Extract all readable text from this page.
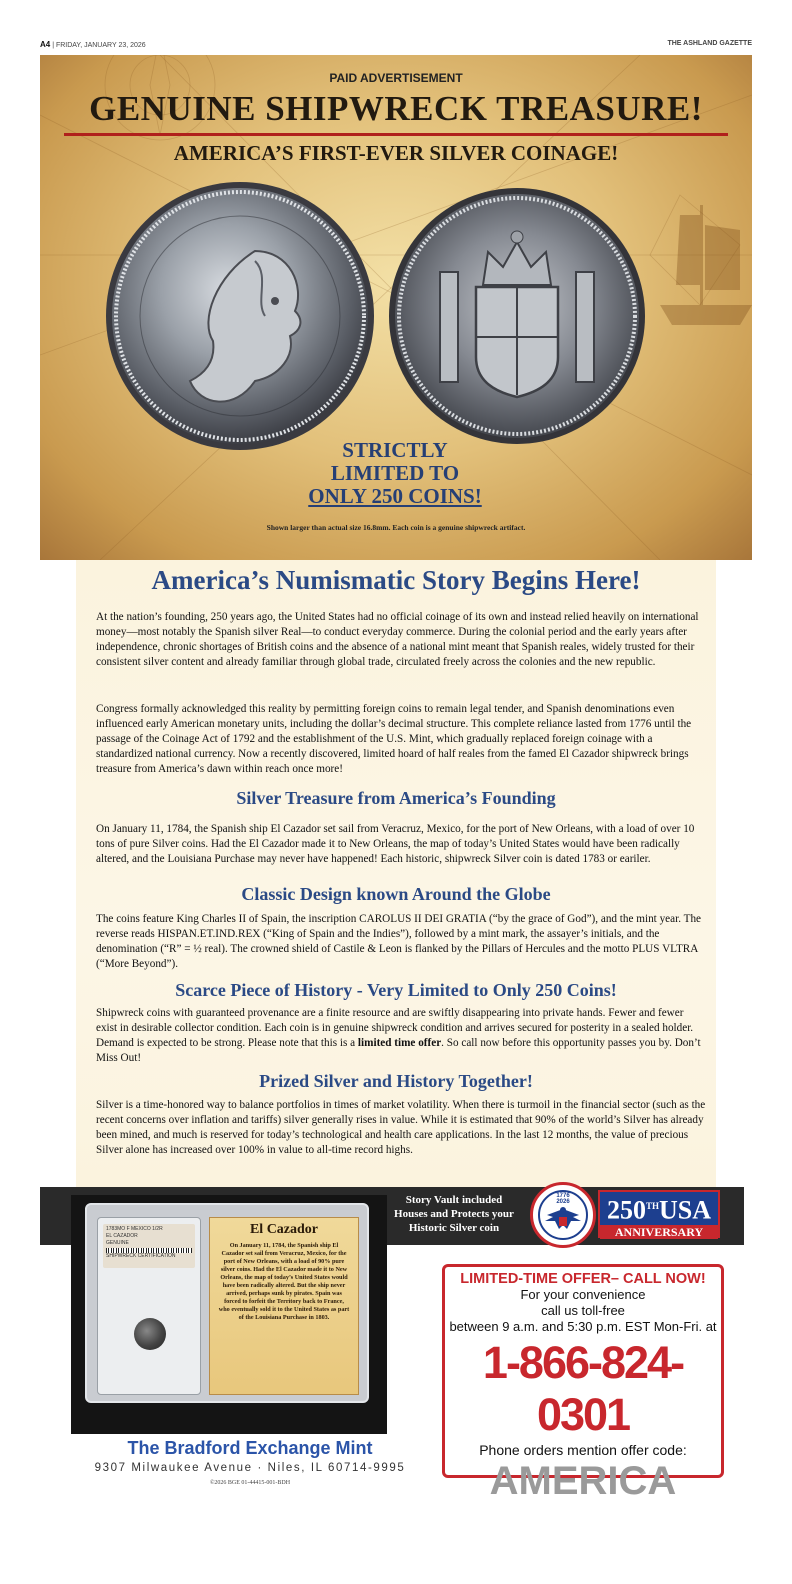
A4 | FRIDAY, JANUARY 23, 2026	THE ASHLAND GAZETTE
PAID ADVERTISEMENT
GENUINE SHIPWRECK TREASURE!
AMERICA’S FIRST-EVER SILVER COINAGE!
STRICTLY
LIMITED TO
ONLY 250 COINS!
Shown larger than actual size 16.8mm. Each coin is a genuine shipwreck artifact.
America’s Numismatic Story Begins Here!

At the nation’s founding, 250 years ago, the United States had no official coinage of its own and instead relied heavily on international money—most notably the Spanish silver Real—to conduct everyday commerce. During the colonial period and the early years after independence, chronic shortages of British coins and the absence of a national mint meant that Spanish reales, widely trusted for their consistent silver content and already familiar through global trade, circulated freely across the colonies and the new republic.

Congress formally acknowledged this reality by permitting foreign coins to remain legal tender, and Spanish denominations even influenced early American monetary units, including the dollar’s decimal structure. This complete reliance lasted from 1776 until the passage of the Coinage Act of 1792 and the establishment of the U.S. Mint, which gradually replaced foreign coinage with a standardized national currency. Now a recently discovered, limited hoard of half reales from the famed El Cazador shipwreck brings treasure from America’s dawn within reach once more!

Silver Treasure from America’s Founding

On January 11, 1784, the Spanish ship El Cazador set sail from Veracruz, Mexico, for the port of New Orleans, with a load of over 10 tons of pure Silver coins. Had the El Cazador made it to New Orleans, the map of today’s United States would have been radically altered, and the Louisiana Purchase may never have happened! Each historic, shipwreck Silver coin is dated 1783 or eariler.

Classic Design known Around the Globe

The coins feature King Charles II of Spain, the inscription CAROLUS II DEI GRATIA (“by the grace of God”), and the mint year. The reverse reads HISPAN.ET.IND.REX (“King of Spain and the Indies”), followed by a mint mark, the assayer’s initials, and the denomination (“R” = ½ real). The crowned shield of Castile & Leon is flanked by the Pillars of Hercules and the motto PLUS VLTRA (“More Beyond”).

Scarce Piece of History - Very Limited to Only 250 Coins!

Shipwreck coins with guaranteed provenance are a finite resource and are swiftly disappearing into private hands. Fewer and fewer exist in desirable collector condition. Each coin is in genuine shipwreck condition and arrives secured for posterity in a sealed holder. Demand is expected to be strong. Please note that this is a limited time offer. So call now before this opportunity passes you by. Don’t Miss Out!

Prized Silver and History Together!

Silver is a time-honored way to balance portfolios in times of market volatility. When there is turmoil in the financial sector (such as the recent concerns over inflation and tariffs) silver generally rises in value. While it is estimated that 90% of the world’s Silver has already been mined, and much is reserved for today’s technological and health care applications. In the last 12 months, the value of precious Silver alone has increased over 100% in value to all-time record highs.

1783MO F MEXICO 1/2R
EL CAZADOR
GENUINE
SHIPWRECK CERTIFICATION
El Cazador
On January 11, 1784, the Spanish ship El Cazador set sail from Veracruz, Mexico, for the port of New Orleans, with a load of 90% pure silver coins. Had the El Cazador made it to New Orleans, the map of today’s United States would have been radically altered. But the ship never arrived, perhaps sunk by pirates. Spain was forced to forfeit the Territory back to France, who eventually sold it to the United States as part of the Louisiana Purchase in 1803.
Story Vault included Houses and Protects your Historic Silver coin
1776
2026	250THUSA
ANNIVERSARY
LIMITED-TIME OFFER– CALL NOW!
For your convenience
call us toll-free
between 9 a.m. and 5:30 p.m. EST Mon-Fri. at
1-866-824-0301
Phone orders mention offer code:
AMERICA
The Bradford Exchange Mint
9307 Milwaukee Avenue · Niles, IL 60714-9995
©2026 BGE 01-44415-001-BDH
